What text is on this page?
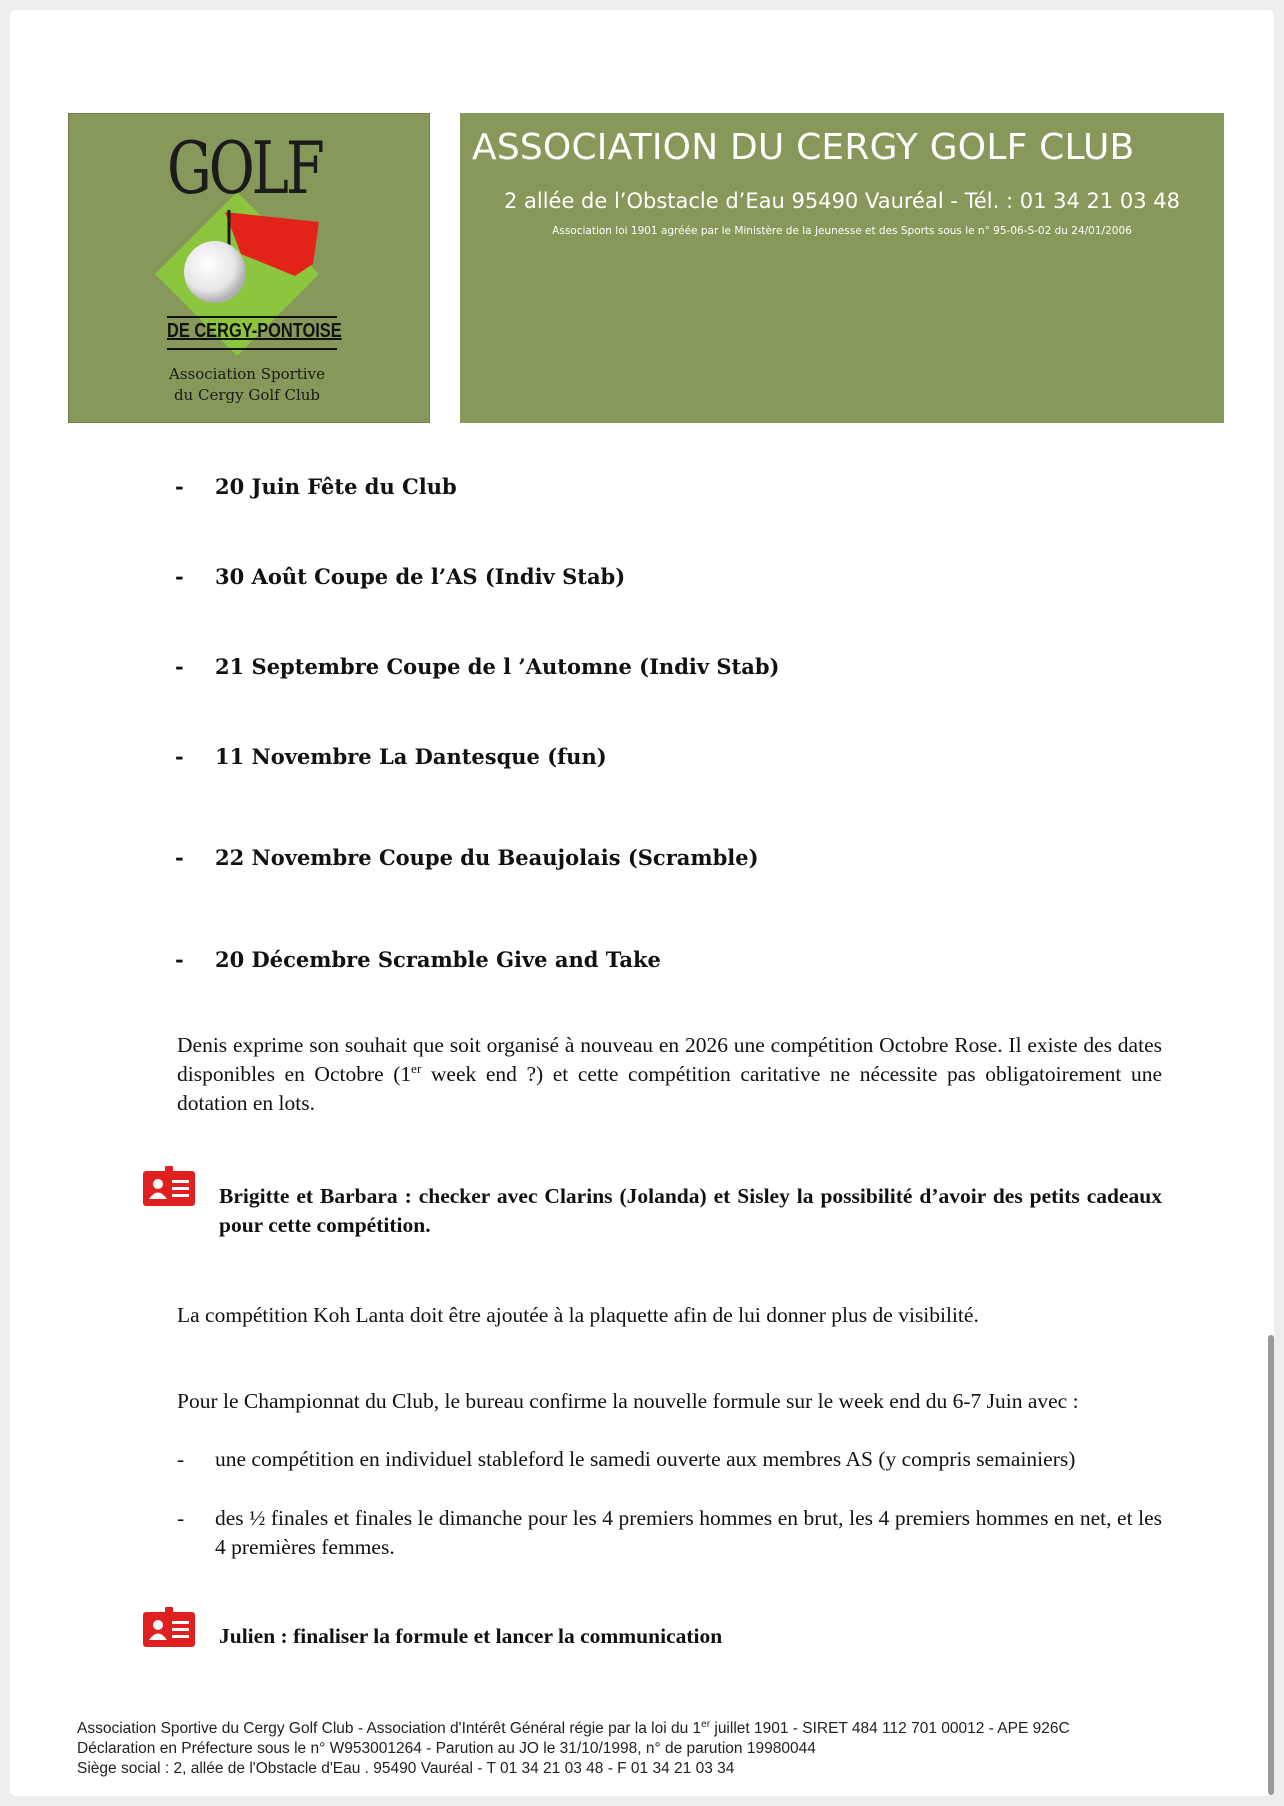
GOLF
DE CERGY-PONTOISE
Association Sportive
du Cergy Golf Club
ASSOCIATION DU CERGY GOLF CLUB
2 allée de l’Obstacle d’Eau 95490 Vauréal - Tél. : 01 34 21 03 48
Association loi 1901 agréée par le Ministère de la Jeunesse et des Sports sous le n° 95-06-S-02 du 24/01/2006
- 20 Juin Fête du Club
- 30 Août Coupe de l’AS (Indiv Stab)
- 21 Septembre Coupe de l ’Automne (Indiv Stab)
- 11 Novembre La Dantesque (fun)
- 22 Novembre Coupe du Beaujolais (Scramble)
- 20 Décembre Scramble Give and Take
Denis exprime son souhait que soit organisé à nouveau en 2026 une compétition Octobre Rose. Il existe des dates disponibles en Octobre (1er week end ?) et cette compétition caritative ne nécessite pas obligatoirement une dotation en lots.
Brigitte et Barbara : checker avec Clarins (Jolanda) et Sisley la possibilité d’avoir des petits cadeaux pour cette compétition.
La compétition Koh Lanta doit être ajoutée à la plaquette afin de lui donner plus de visibilité.
Pour le Championnat du Club, le bureau confirme la nouvelle formule sur le week end du 6-7 Juin avec :
- une compétition en individuel stableford le samedi ouverte aux membres AS (y compris semainiers)
- des ½ finales et finales le dimanche pour les 4 premiers hommes en brut, les 4 premiers hommes en net, et les 4 premières femmes.
Julien : finaliser la formule et lancer la communication
Association Sportive du Cergy Golf Club - Association d'Intérêt Général régie par la loi du 1er juillet 1901 - SIRET 484 112 701 00012 - APE 926C
Déclaration en Préfecture sous le n° W953001264 - Parution au JO le 31/10/1998, n° de parution 19980044
Siège social : 2, allée de l'Obstacle d'Eau . 95490 Vauréal - T 01 34 21 03 48 - F 01 34 21 03 34
